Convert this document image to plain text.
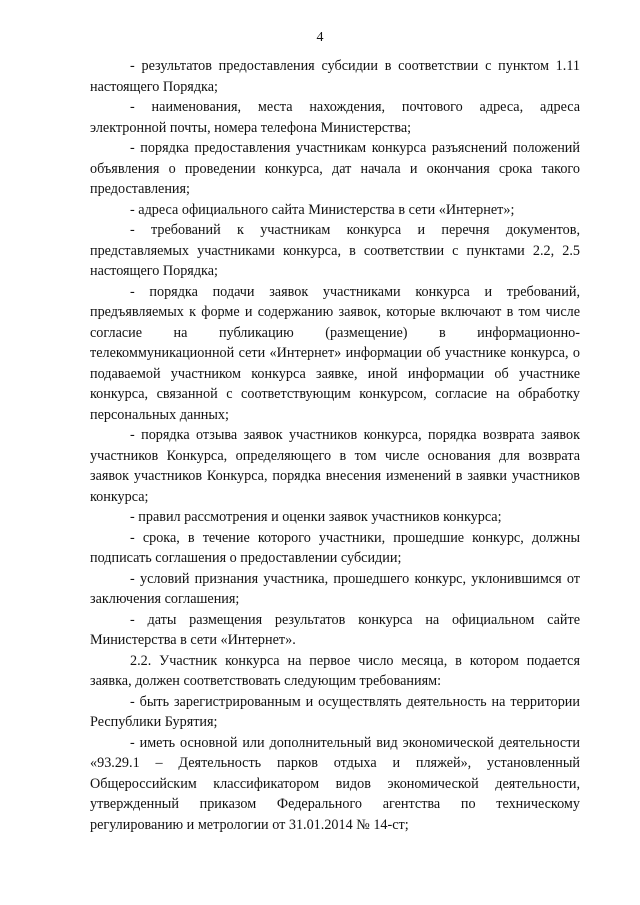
4

- результатов предоставления субсидии в соответствии с пунктом 1.11 настоящего Порядка;

- наименования, места нахождения, почтового адреса, адреса электронной почты, номера телефона Министерства;

- порядка предоставления участникам конкурса разъяснений положений объявления о проведении конкурса, дат начала и окончания срока такого предоставления;

- адреса официального сайта Министерства в сети «Интернет»;

- требований к участникам конкурса и перечня документов, представляемых участниками конкурса, в соответствии с пунктами 2.2, 2.5 настоящего Порядка;

- порядка подачи заявок участниками конкурса и требований, предъявляемых к форме и содержанию заявок, которые включают в том числе согласие на публикацию (размещение) в информационно-телекоммуникационной сети «Интернет» информации об участнике конкурса, о подаваемой участником конкурса заявке, иной информации об участнике конкурса, связанной с соответствующим конкурсом, согласие на обработку персональных данных;

- порядка отзыва заявок участников конкурса, порядка возврата заявок участников Конкурса, определяющего в том числе основания для возврата заявок участников Конкурса, порядка внесения изменений в заявки участников конкурса;

- правил рассмотрения и оценки заявок участников конкурса;

- срока, в течение которого участники, прошедшие конкурс, должны подписать соглашения о предоставлении субсидии;

- условий признания участника, прошедшего конкурс, уклонившимся от заключения соглашения;

- даты размещения результатов конкурса на официальном сайте Министерства в сети «Интернет».

2.2. Участник конкурса на первое число месяца, в котором подается заявка, должен соответствовать следующим требованиям:

- быть зарегистрированным и осуществлять деятельность на территории Республики Бурятия;

- иметь основной или дополнительный вид экономической деятельности «93.29.1 – Деятельность парков отдыха и пляжей», установленный Общероссийским классификатором видов экономической деятельности, утвержденный приказом Федерального агентства по техническому регулированию и метрологии от 31.01.2014 № 14-ст;
